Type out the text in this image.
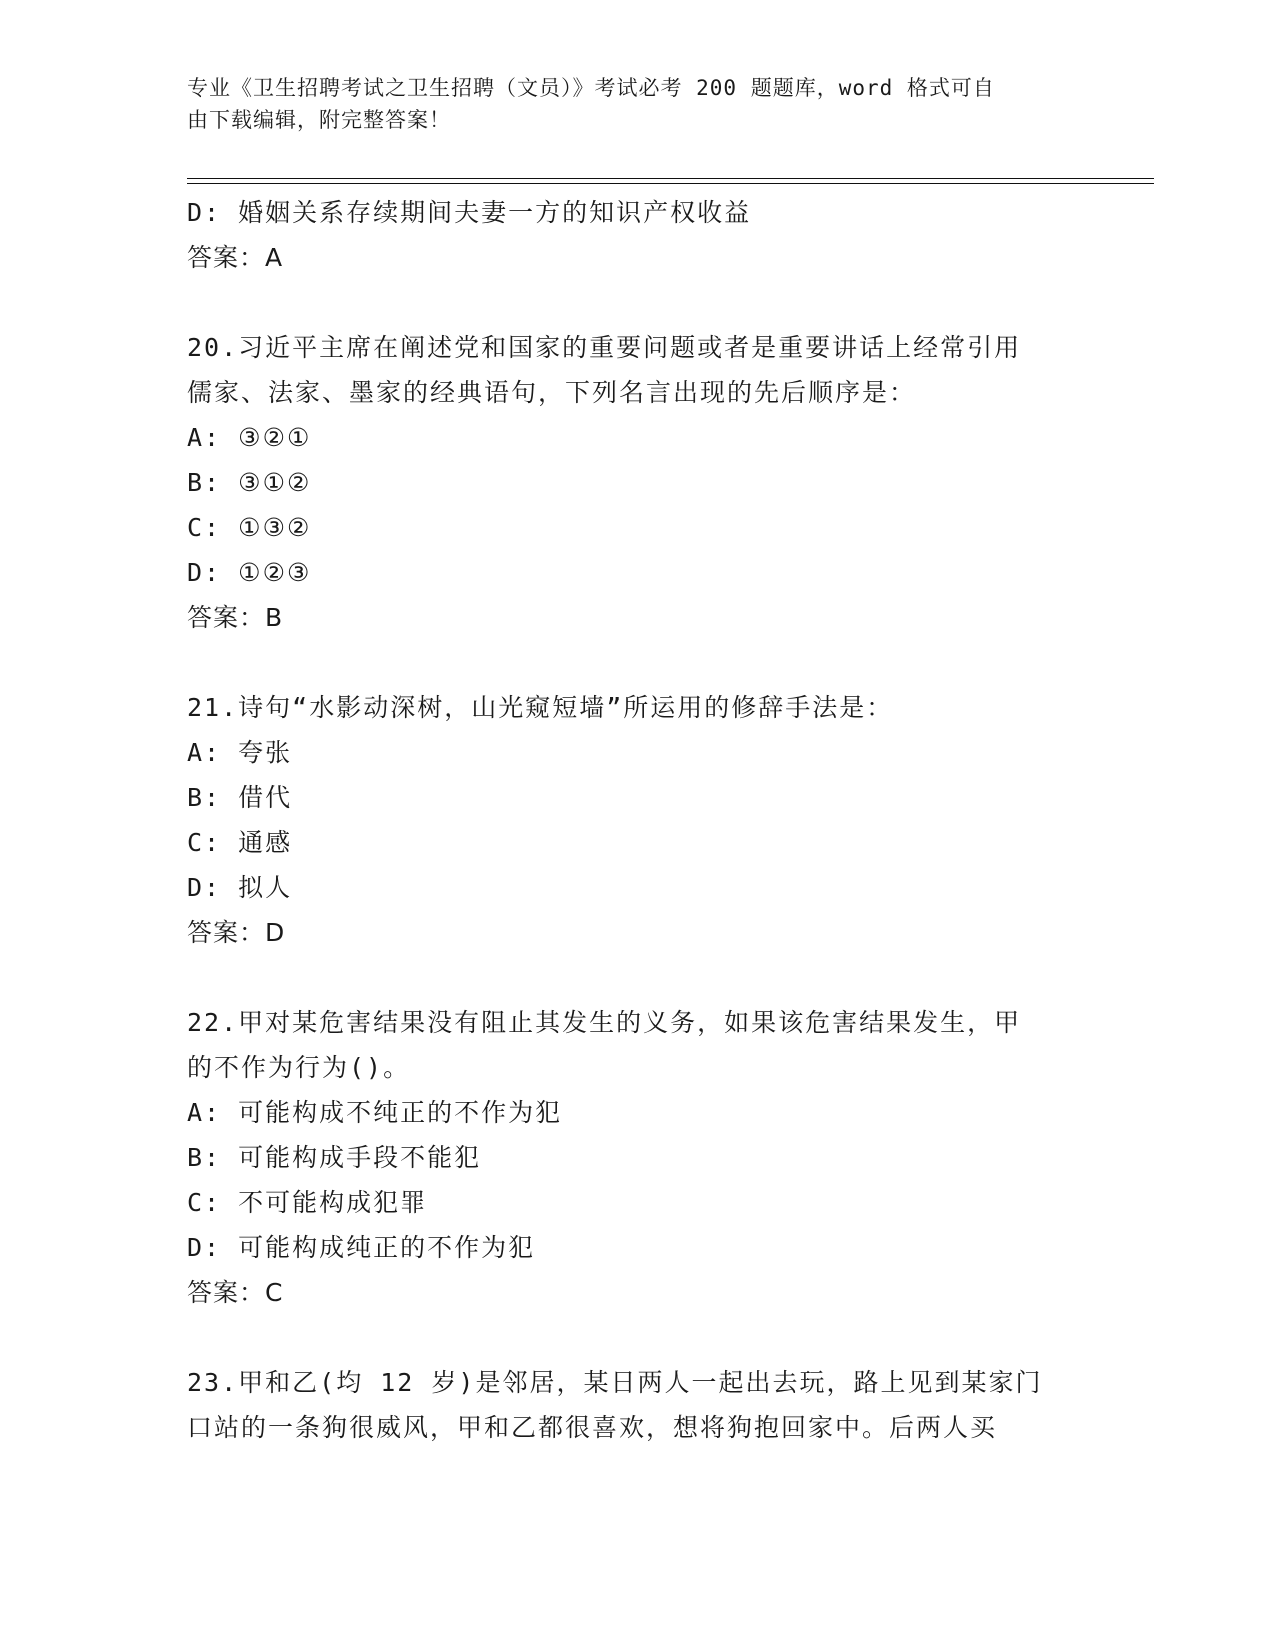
专业《卫生招聘考试之卫生招聘（文员）》考试必考 200 题题库，word 格式可自
由下载编辑，附完整答案！
D: 婚姻关系存续期间夫妻一方的知识产权收益
答案：A
20.习近平主席在阐述党和国家的重要问题或者是重要讲话上经常引用
儒家、法家、墨家的经典语句，下列名言出现的先后顺序是：
A: ③②①
B: ③①②
C: ①③②
D: ①②③
答案：B
21.诗句“水影动深树，山光窥短墙”所运用的修辞手法是：
A: 夸张
B: 借代
C: 通感
D: 拟人
答案：D
22.甲对某危害结果没有阻止其发生的义务，如果该危害结果发生，甲
的不作为行为()。
A: 可能构成不纯正的不作为犯
B: 可能构成手段不能犯
C: 不可能构成犯罪
D: 可能构成纯正的不作为犯
答案：C
23.甲和乙(均 12 岁)是邻居，某日两人一起出去玩，路上见到某家门
口站的一条狗很威风，甲和乙都很喜欢，想将狗抱回家中。后两人买
